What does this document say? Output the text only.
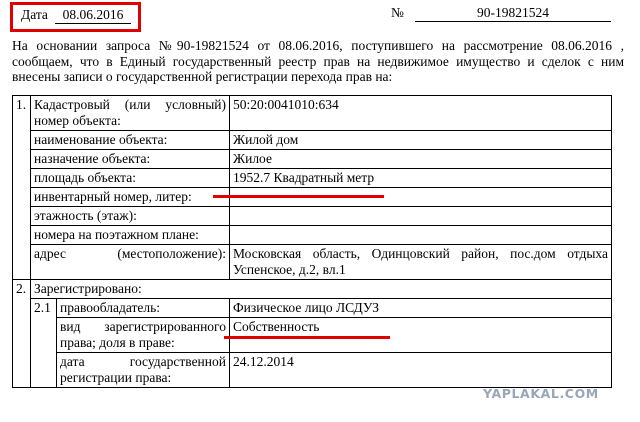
Дата	08.06.2016	№	90-19821524
На основании запроса №90-19821524 от 08.06.2016, поступившего на рассмотрение 08.06.2016 ,
сообщаем, что в Единый государственный реестр прав на недвижимое имущество и сделок с ним
внесены записи о государственной регистрации перехода прав на:
1.	Кадастровый (или условный)
номер объекта:		50:20:0041010:634
	наименование объекта:		Жилой дом
	назначение объекта:		Жилое
	площадь объекта:		1952.7 Квадратный метр
	инвентарный номер, литер:		
	этажность (этаж):		
	номера на поэтажном плане:		

	адрес (местоположение):		Московская область, Одинцовский район, пос.дом отдыха
Успенское, д.2, вл.1
2.	Зарегистрировано:		
	2.1	правообладатель:	Физическое лицо ЛСДУЗ

		вид зарегистрированного
права; доля в праве:	Собственность

		дата государственной
регистрации права:	24.12.2014
YAPLAKAL.COM
